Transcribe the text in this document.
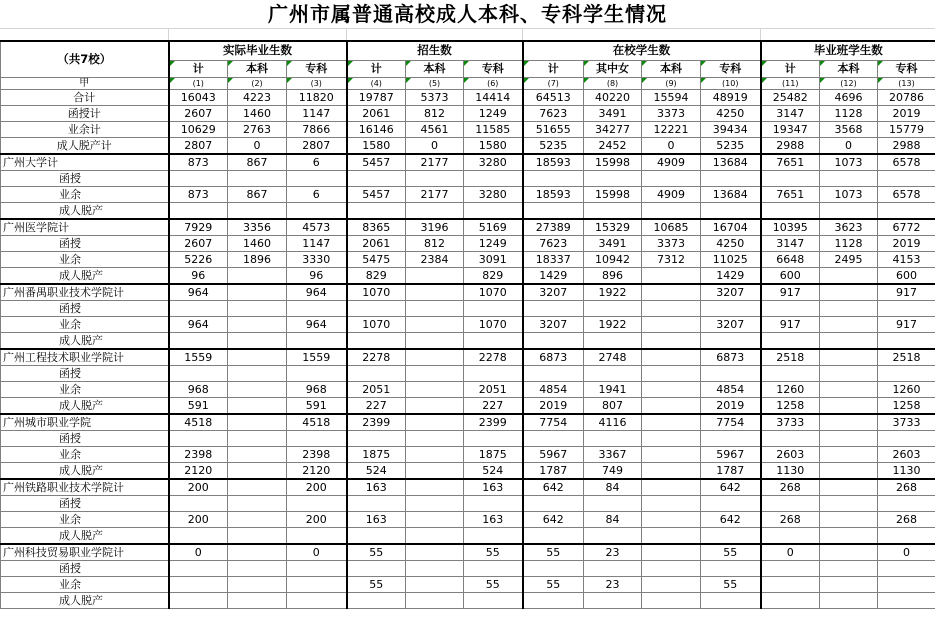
广州市属普通高校成人本科、专科学生情况
（共7校）	实际毕业生数			招生数			在校学生数				毕业班学生数		
	计	本科	专科	计	本科	专科	计	其中女	本科	专科	计	本科	专科
甲	(1)	(2)	(3)	(4)	(5)	(6)	(7)	(8)	(9)	(10)	(11)	(12)	(13)
合计	16043	4223	11820	19787	5373	14414	64513	40220	15594	48919	25482	4696	20786
函授计	2607	1460	1147	2061	812	1249	7623	3491	3373	4250	3147	1128	2019
业余计	10629	2763	7866	16146	4561	11585	51655	34277	12221	39434	19347	3568	15779
成人脱产计	2807	0	2807	1580	0	1580	5235	2452	0	5235	2988	0	2988
广州大学计	873	867	6	5457	2177	3280	18593	15998	4909	13684	7651	1073	6578
函授													
业余	873	867	6	5457	2177	3280	18593	15998	4909	13684	7651	1073	6578
成人脱产													
广州医学院计	7929	3356	4573	8365	3196	5169	27389	15329	10685	16704	10395	3623	6772
函授	2607	1460	1147	2061	812	1249	7623	3491	3373	4250	3147	1128	2019
业余	5226	1896	3330	5475	2384	3091	18337	10942	7312	11025	6648	2495	4153
成人脱产	96		96	829		829	1429	896		1429	600		600
广州番禺职业技术学院计	964		964	1070		1070	3207	1922		3207	917		917
函授													
业余	964		964	1070		1070	3207	1922		3207	917		917
成人脱产													
广州工程技术职业学院计	1559		1559	2278		2278	6873	2748		6873	2518		2518
函授													
业余	968		968	2051		2051	4854	1941		4854	1260		1260
成人脱产	591		591	227		227	2019	807		2019	1258		1258
广州城市职业学院	4518		4518	2399		2399	7754	4116		7754	3733		3733
函授													
业余	2398		2398	1875		1875	5967	3367		5967	2603		2603
成人脱产	2120		2120	524		524	1787	749		1787	1130		1130
广州铁路职业技术学院计	200		200	163		163	642	84		642	268		268
函授													
业余	200		200	163		163	642	84		642	268		268
成人脱产													
广州科技贸易职业学院计	0		0	55		55	55	23		55	0		0
函授													
业余				55		55	55	23		55			
成人脱产													
